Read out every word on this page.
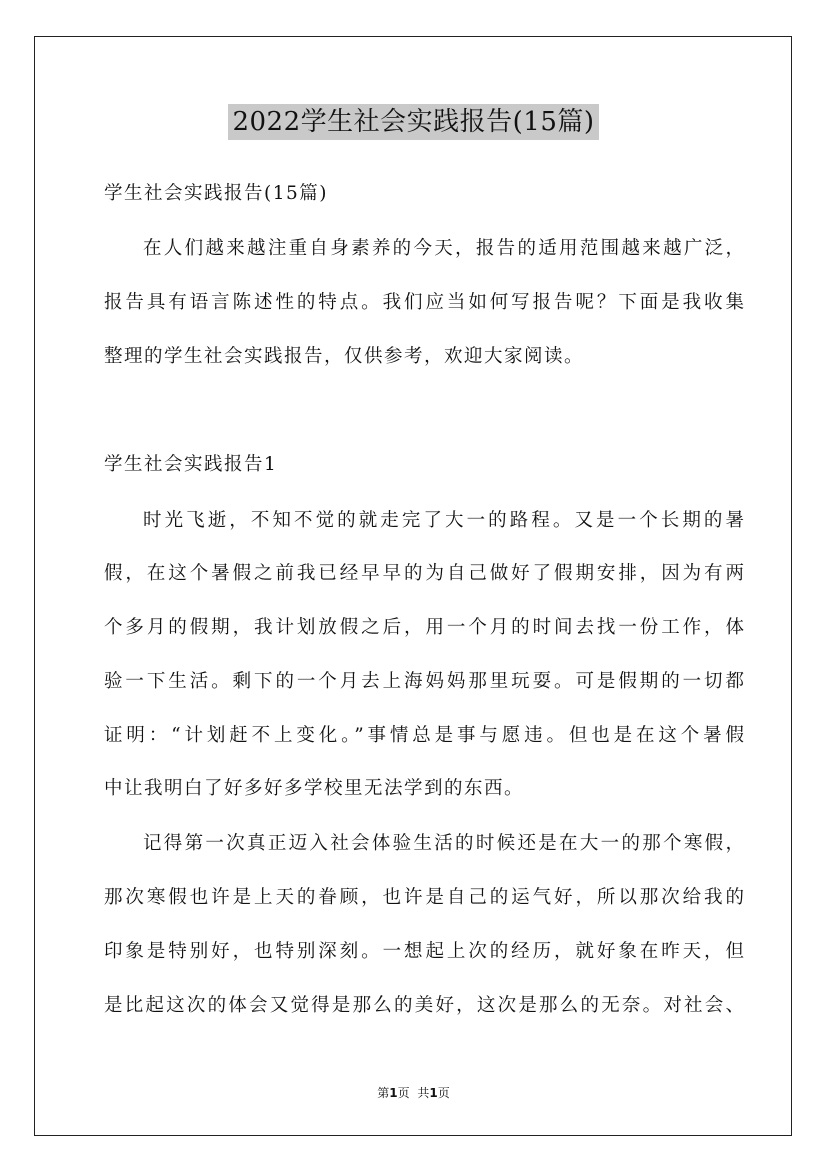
2022学生社会实践报告(15篇)
学生社会实践报告(15篇)
在人们越来越注重自身素养的今天，报告的适用范围越来越广泛，
报告具有语言陈述性的特点。我们应当如何写报告呢？下面是我收集
整理的学生社会实践报告，仅供参考，欢迎大家阅读。
学生社会实践报告1
时光飞逝，不知不觉的就走完了大一的路程。又是一个长期的暑
假，在这个暑假之前我已经早早的为自己做好了假期安排，因为有两
个多月的假期，我计划放假之后，用一个月的时间去找一份工作，体
验一下生活。剩下的一个月去上海妈妈那里玩耍。可是假期的一切都
证明：“计划赶不上变化。”事情总是事与愿违。但也是在这个暑假
中让我明白了好多好多学校里无法学到的东西。
记得第一次真正迈入社会体验生活的时候还是在大一的那个寒假，
那次寒假也许是上天的眷顾，也许是自己的运气好，所以那次给我的
印象是特别好，也特别深刻。一想起上次的经历，就好象在昨天，但
是比起这次的体会又觉得是那么的美好，这次是那么的无奈。对社会、
第1页 共1页
